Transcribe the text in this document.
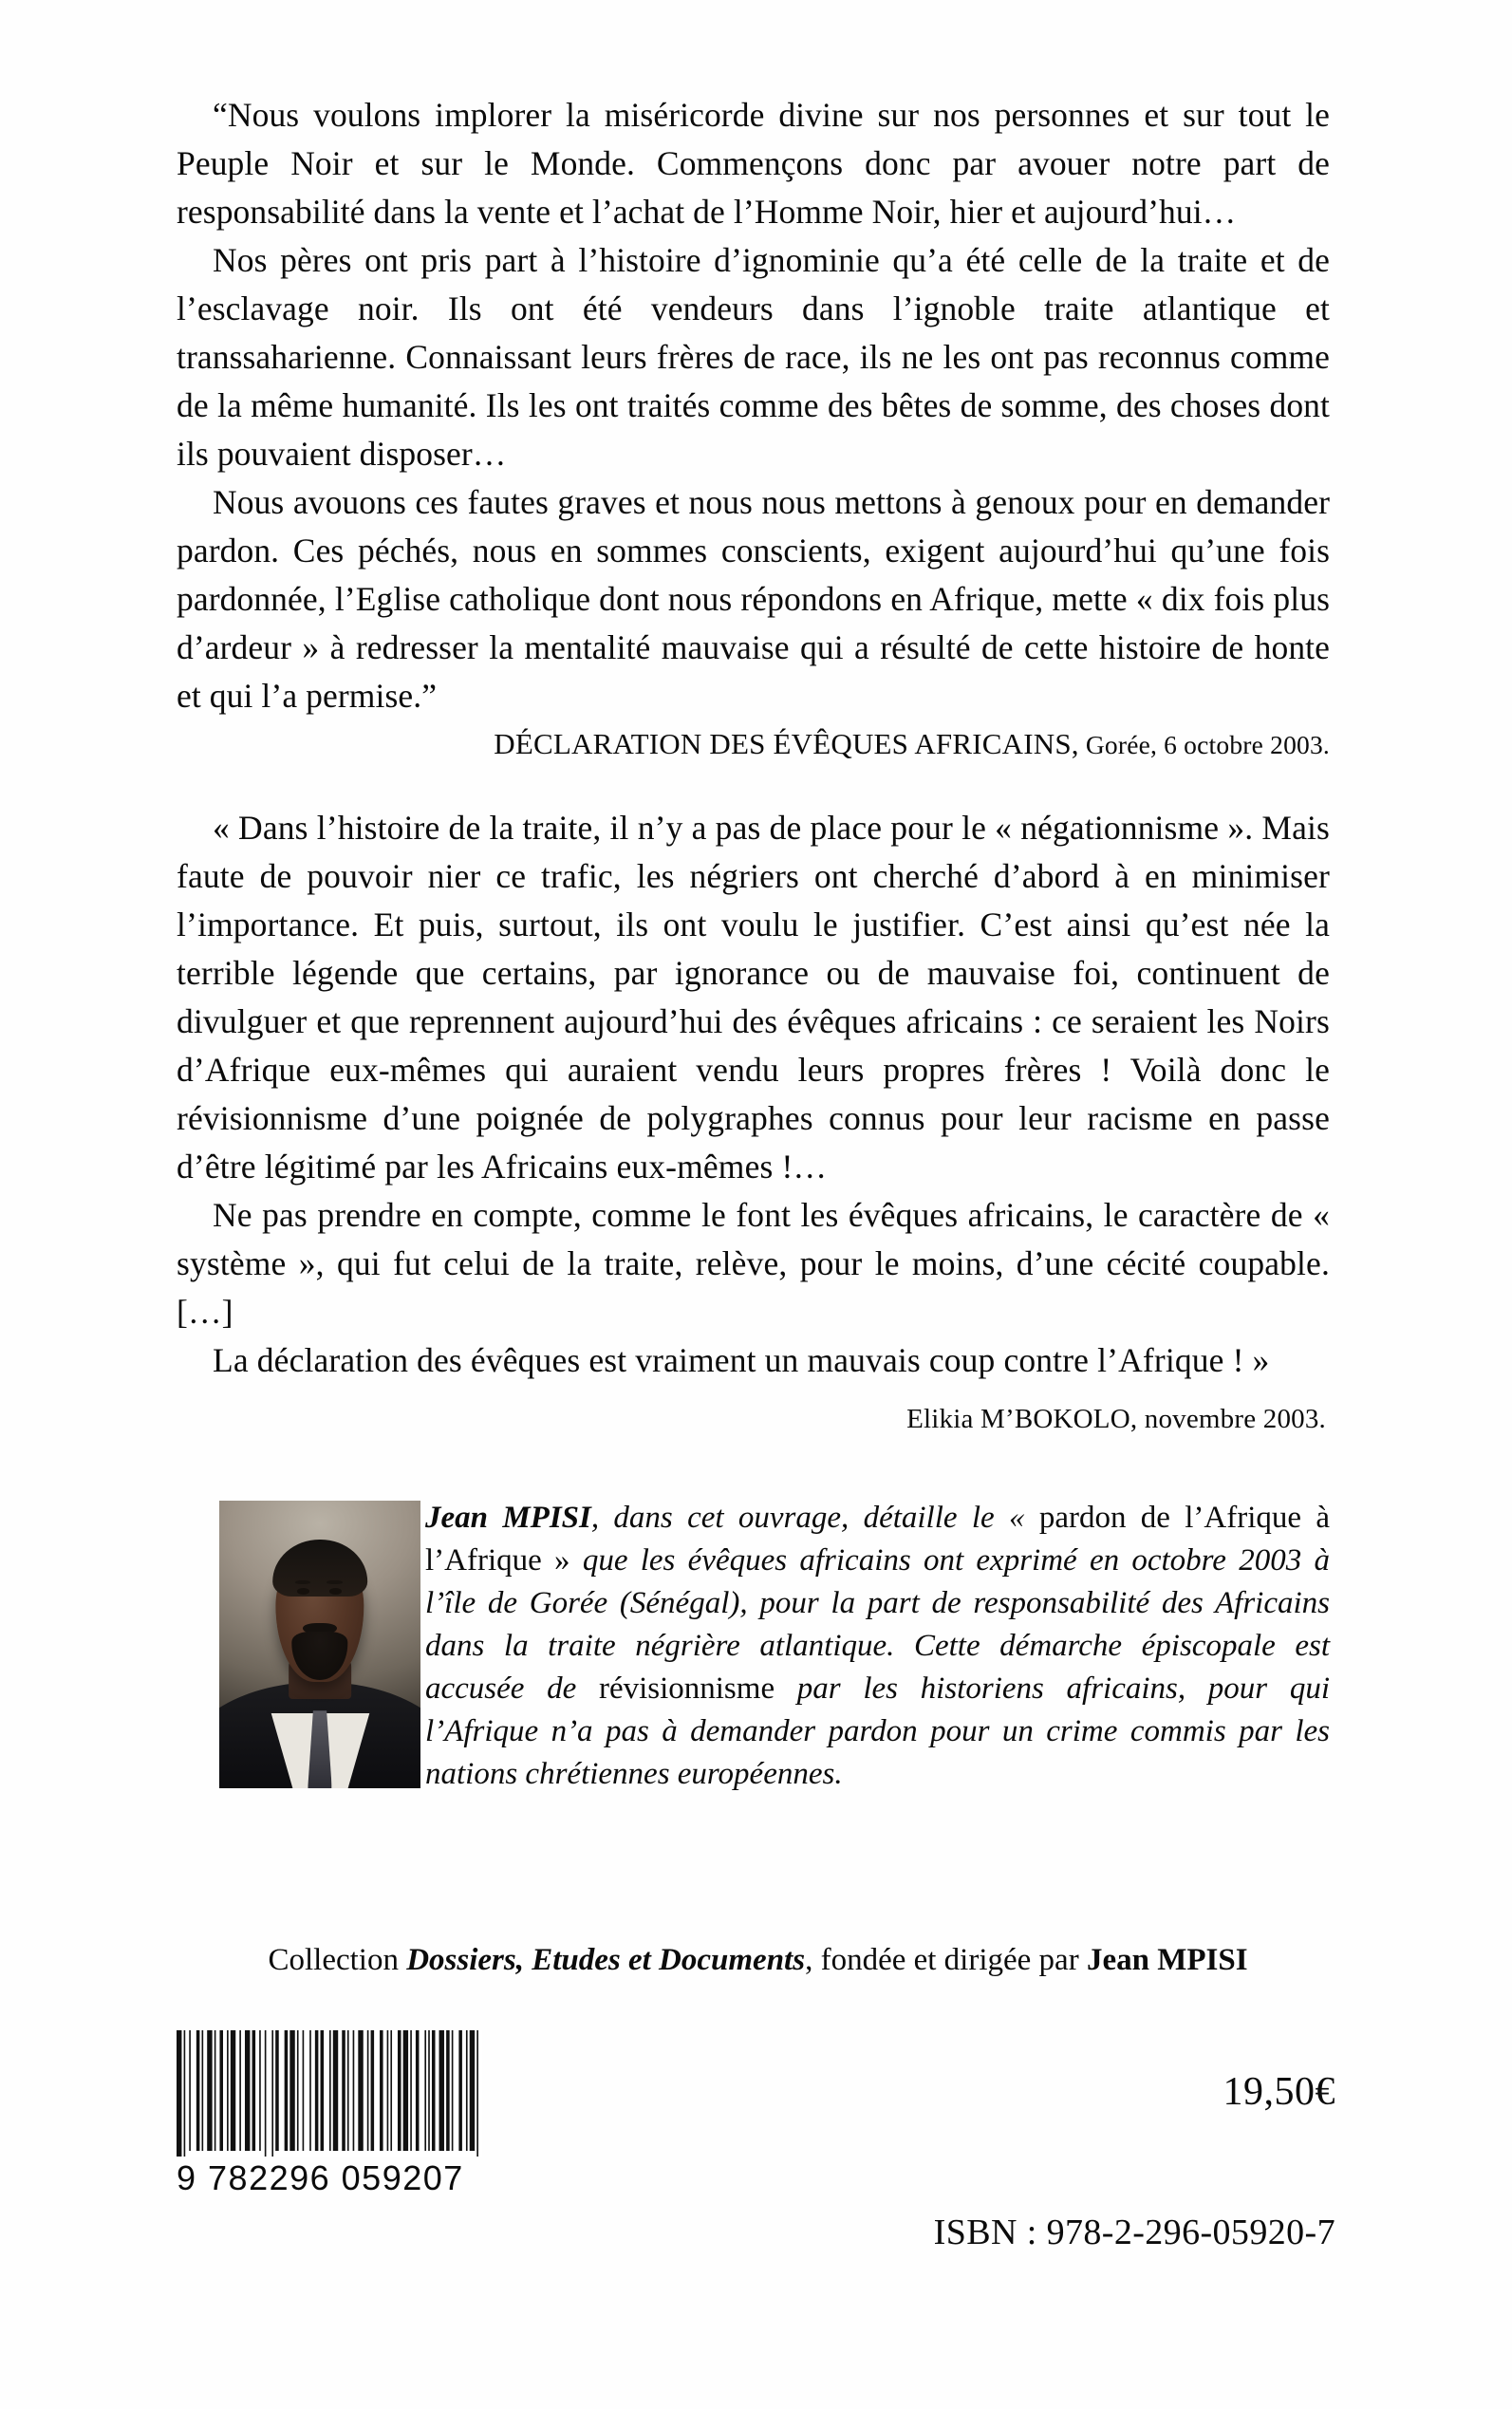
“Nous voulons implorer la miséricorde divine sur nos personnes et sur tout le Peuple Noir et sur le Monde. Commençons donc par avouer notre part de responsabilité dans la vente et l’achat de l’Homme Noir, hier et aujourd’hui…

Nos pères ont pris part à l’histoire d’ignominie qu’a été celle de la traite et de l’esclavage noir. Ils ont été vendeurs dans l’ignoble traite atlantique et transsaharienne. Connaissant leurs frères de race, ils ne les ont pas reconnus comme de la même humanité. Ils les ont traités comme des bêtes de somme, des choses dont ils pouvaient disposer…

Nous avouons ces fautes graves et nous nous mettons à genoux pour en demander pardon. Ces péchés, nous en sommes conscients, exigent aujourd’hui qu’une fois pardonnée, l’Eglise catholique dont nous répondons en Afrique, mette « dix fois plus d’ardeur » à redresser la mentalité mauvaise qui a résulté de cette histoire de honte et qui l’a permise.”

DÉCLARATION DES ÉVÊQUES AFRICAINS, Gorée, 6 octobre 2003.

« Dans l’histoire de la traite, il n’y a pas de place pour le « négationnisme ». Mais faute de pouvoir nier ce trafic, les négriers ont cherché d’abord à en minimiser l’importance. Et puis, surtout, ils ont voulu le justifier. C’est ainsi qu’est née la terrible légende que certains, par ignorance ou de mauvaise foi, continuent de divulguer et que reprennent aujourd’hui des évêques africains : ce seraient les Noirs d’Afrique eux-mêmes qui auraient vendu leurs propres frères ! Voilà donc le révisionnisme d’une poignée de polygraphes connus pour leur racisme en passe d’être légitimé par les Africains eux-mêmes !…

Ne pas prendre en compte, comme le font les évêques africains, le caractère de « système », qui fut celui de la traite, relève, pour le moins, d’une cécité coupable. […]

La déclaration des évêques est vraiment un mauvais coup contre l’Afrique ! »

Elikia M’BOKOLO, novembre 2003.

Jean MPISI, dans cet ouvrage, détaille le « pardon de l’Afrique à l’Afrique » que les évêques africains ont exprimé en octobre 2003 à l’île de Gorée (Sénégal), pour la part de responsabilité des Africains dans la traite négrière atlantique. Cette démarche épiscopale est accusée de révisionnisme par les historiens africains, pour qui l’Afrique n’a pas à demander pardon pour un crime commis par les nations chrétiennes européennes.

Collection Dossiers, Etudes et Documents, fondée et dirigée par Jean MPISI
9 782296 059207
19,50€
ISBN : 978-2-296-05920-7
